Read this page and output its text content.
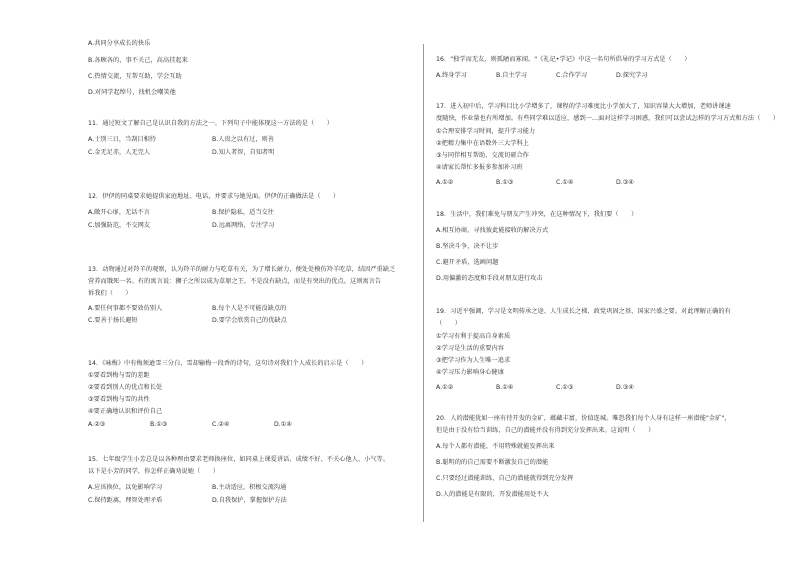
A.共同分享成长的快乐
B.各顾各的，事不关己，高高挂起来
C.热情交流，互帮互助，学会互助
D.对同学起绰号，找机会嘲笑他
11．通过短文了解自己是认识自我的方法之一。下列句子中能体现这一方法的是（　　）
A.士别三日，当刮目相待	B.人贵之以有过，则善
C.金无足赤，人无完人	D.知人者智，自知者明
12．伊伊的同桌要求她提供家庭地址、电话，并要求与她见面。伊伊的正确做法是（　　）
A.敞开心扉，无话不言	B.保护隐私，适当交往
C.加强防范，不交网友	D.远离网络，专注学习
13．动物通过对羚羊的观察，认为羚羊的耐力与吃草有关，为了增长耐力，便处处模仿羚羊吃草，结因严重缺乏
营养而饿死一名。有的寓言说：狮子之所以成为草原之王，不是没有缺点，而是有突出的优点。这则寓言告
诉我们（　　）
A.要任何事都不要效仿别人	B.每个人是不可能没缺点的
C.要善于扬长避短	D.要学会欣赏自己的优缺点
14．《咏梅》中有梅须逊雪三分白，雪却输梅一段香的诗句，这句诗对我们个人成长的启示是（　　）
①要看到梅与雪的差距
②要看到别人的优点和长处
③要看到梅与雪的共性
④要正确地认识和评价自己
A.②③	B.①③	C.②④	D.①④
15．七年级学生小芳总是以各种理由要求老师换座位，如同桌上课爱讲话、成绩不好、不关心他人、小气等。
以下是小芳的同学，你怎样正确劝说她（　　）
A.应该换位，以免影响学习	B.主动适应，积极交流沟通
C.保持距离，理智处理矛盾	D.自我保护，掌握保护方法
16．"独学而无友，则孤陋而寡闻。"《礼记•学记》中这一名句所倡导的学习方式是（　　）
A.终身学习	B.自主学习	C.合作学习	D.探究学习
17．进入初中后，学习科目比小学增多了，课程的学习难度比小学加大了，知识容量大大增加，老师讲课速
度随快，作业量也有所增加。有些同学难以适应，感到一…面对这样学习困惑，我们可以尝试怎样的学习方式和方法（　　）
①合理安排学习时间，提升学习能力
②把精力集中在语数外三大学科上
③与同伴相互帮助、交流切磋合作
④请家长帮忙多报多参加补习班
A.①②	B.①③	C.①④	D.③④
18．生活中，我们难免与朋友产生冲突，在这种情况下，我们要（　　）
A.相互协商，寻找彼此能接收的解决方式
B.坚决斗争，决不让步
C.避开矛盾，选画问题
D.用偏激的态度和手段对朋友进行攻击
19．习近平强调，学习是文明传承之途、人生成长之梯、政党巩固之基、国家兴盛之要。对此理解正确的有
（　　）
①学习有利于提高自身素质
②学习是生活的重要内容
③把学习作为人生唯一追求
④学习压力影响身心健康
A.①②	B.①④	C.①③	D.③④
20．人的潜能犹如一座有待开发的金矿，蕴藏丰富，价值连城。唯恐我们每个人身有这样一座潜能"金矿"，
但是由于没有恰当训练，自己的潜能并没有得到充分发挥出来。这说明（　　）
A.每个人都有潜能，不用特殊就能发挥出来
B.聪明的的自己需要不断激发自己的潜能
C.只要经过潜能训练，自己的潜能就得到充分发挥
D.人的潜能是有限的，开发潜能用处不大
